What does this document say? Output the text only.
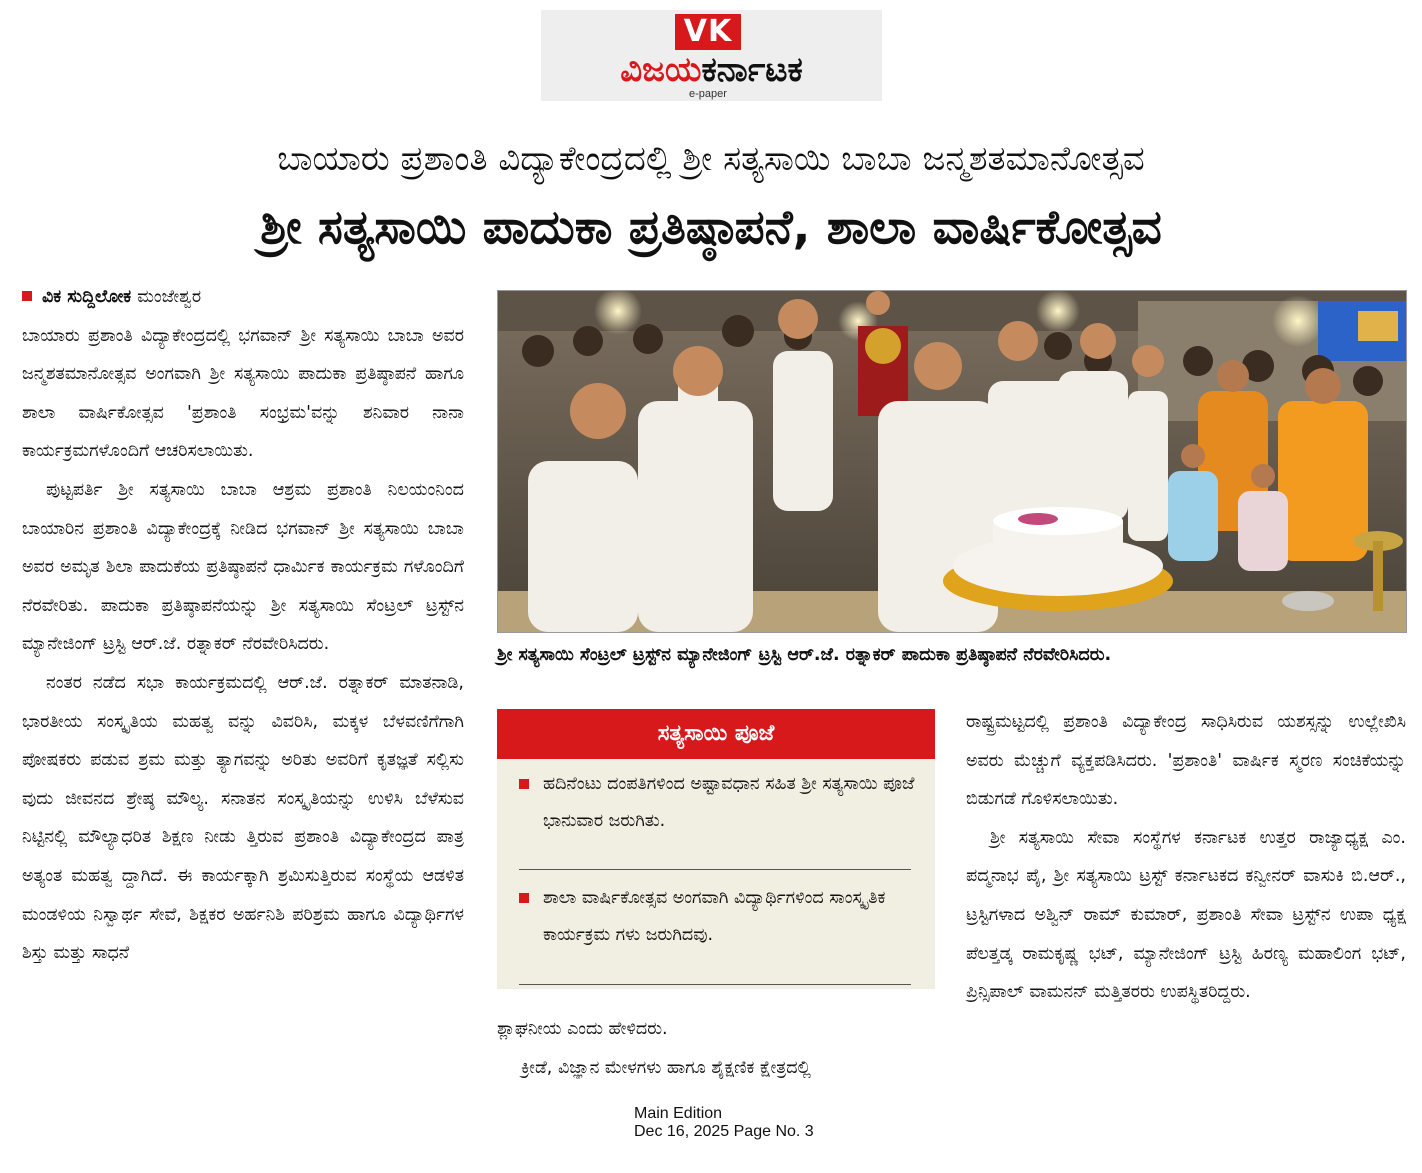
VK
ವಿಜಯಕರ್ನಾಟಕ
e-paper
ಬಾಯಾರು ಪ್ರಶಾಂತಿ ವಿದ್ಯಾಕೇಂದ್ರದಲ್ಲಿ ಶ್ರೀ ಸತ್ಯಸಾಯಿ ಬಾಬಾ ಜನ್ಮಶತಮಾನೋತ್ಸವ
ಶ್ರೀ ಸತ್ಯಸಾಯಿ ಪಾದುಕಾ ಪ್ರತಿಷ್ಠಾಪನೆ, ಶಾಲಾ ವಾರ್ಷಿಕೋತ್ಸವ
ವಿಕ ಸುದ್ದಿಲೋಕ ಮಂಜೇಶ್ವರ

ಬಾಯಾರು ಪ್ರಶಾಂತಿ ವಿದ್ಯಾಕೇಂದ್ರದಲ್ಲಿ ಭಗವಾನ್ ಶ್ರೀ ಸತ್ಯಸಾಯಿ ಬಾಬಾ ಅವರ ಜನ್ಮಶತಮಾನೋತ್ಸವ ಅಂಗವಾಗಿ ಶ್ರೀ ಸತ್ಯಸಾಯಿ ಪಾದುಕಾ ಪ್ರತಿಷ್ಠಾಪನೆ ಹಾಗೂ ಶಾಲಾ ವಾರ್ಷಿಕೋತ್ಸವ 'ಪ್ರಶಾಂತಿ ಸಂಭ್ರಮ'ವನ್ನು ಶನಿವಾರ ನಾನಾ ಕಾರ್ಯಕ್ರಮಗಳೊಂದಿಗೆ ಆಚರಿಸಲಾಯಿತು.

ಪುಟ್ಟಪರ್ತಿ ಶ್ರೀ ಸತ್ಯಸಾಯಿ ಬಾಬಾ ಆಶ್ರಮ ಪ್ರಶಾಂತಿ ನಿಲಯಂನಿಂದ ಬಾಯಾರಿನ ಪ್ರಶಾಂತಿ ವಿದ್ಯಾಕೇಂದ್ರಕ್ಕೆ ನೀಡಿದ ಭಗವಾನ್ ಶ್ರೀ ಸತ್ಯಸಾಯಿ ಬಾಬಾ ಅವರ ಅಮೃತ ಶಿಲಾ ಪಾದುಕೆಯ ಪ್ರತಿಷ್ಠಾಪನೆ ಧಾರ್ಮಿಕ ಕಾರ್ಯಕ್ರಮ ಗಳೊಂದಿಗೆ ನೆರವೇರಿತು. ಪಾದುಕಾ ಪ್ರತಿಷ್ಠಾಪನೆಯನ್ನು ಶ್ರೀ ಸತ್ಯಸಾಯಿ ಸೆಂಟ್ರಲ್ ಟ್ರಸ್ಟ್‌ನ ಮ್ಯಾನೇಜಿಂಗ್ ಟ್ರಸ್ಟಿ ಆರ್.ಜೆ. ರತ್ನಾಕರ್ ನೆರವೇರಿಸಿದರು.

ನಂತರ ನಡೆದ ಸಭಾ ಕಾರ್ಯಕ್ರಮದಲ್ಲಿ ಆರ್.ಜೆ. ರತ್ನಾಕರ್ ಮಾತನಾಡಿ, ಭಾರತೀಯ ಸಂಸ್ಕೃತಿಯ ಮಹತ್ವ ವನ್ನು ವಿವರಿಸಿ, ಮಕ್ಕಳ ಬೆಳವಣಿಗೆಗಾಗಿ ಪೋಷಕರು ಪಡುವ ಶ್ರಮ ಮತ್ತು ತ್ಯಾಗವನ್ನು ಅರಿತು ಅವರಿಗೆ ಕೃತಜ್ಞತೆ ಸಲ್ಲಿಸು ವುದು ಜೀವನದ ಶ್ರೇಷ್ಠ ಮೌಲ್ಯ. ಸನಾತನ ಸಂಸ್ಕೃತಿಯನ್ನು ಉಳಿಸಿ ಬೆಳೆಸುವ ನಿಟ್ಟಿನಲ್ಲಿ ಮೌಲ್ಯಾಧರಿತ ಶಿಕ್ಷಣ ನೀಡು ತ್ತಿರುವ ಪ್ರಶಾಂತಿ ವಿದ್ಯಾಕೇಂದ್ರದ ಪಾತ್ರ ಅತ್ಯಂತ ಮಹತ್ವ ದ್ದಾಗಿದೆ. ಈ ಕಾರ್ಯಕ್ಕಾಗಿ ಶ್ರಮಿಸುತ್ತಿರುವ ಸಂಸ್ಥೆಯ ಆಡಳಿತ ಮಂಡಳಿಯ ನಿಸ್ವಾರ್ಥ ಸೇವೆ, ಶಿಕ್ಷಕರ ಅರ್ಹನಿಶಿ ಪರಿಶ್ರಮ ಹಾಗೂ ವಿದ್ಯಾರ್ಥಿಗಳ ಶಿಸ್ತು ಮತ್ತು ಸಾಧನೆ

ಶ್ರೀ ಸತ್ಯಸಾಯಿ ಸೆಂಟ್ರಲ್ ಟ್ರಸ್ಟ್‌ನ ಮ್ಯಾನೇಜಿಂಗ್ ಟ್ರಸ್ಟಿ ಆರ್.ಜೆ. ರತ್ನಾಕರ್ ಪಾದುಕಾ ಪ್ರತಿಷ್ಠಾಪನೆ ನೆರವೇರಿಸಿದರು.
ಸತ್ಯಸಾಯಿ ಪೂಜೆ
ಹದಿನೆಂಟು ದಂಪತಿಗಳಿಂದ ಅಷ್ಟಾವಧಾನ ಸಹಿತ ಶ್ರೀ ಸತ್ಯಸಾಯಿ ಪೂಜೆ ಭಾನುವಾರ ಜರುಗಿತು.
ಶಾಲಾ ವಾರ್ಷಿಕೋತ್ಸವ ಅಂಗವಾಗಿ ವಿದ್ಯಾರ್ಥಿಗಳಿಂದ ಸಾಂಸ್ಕೃತಿಕ ಕಾರ್ಯಕ್ರಮ ಗಳು ಜರುಗಿದವು.

ಶ್ಲಾಘನೀಯ ಎಂದು ಹೇಳಿದರು.

ಕ್ರೀಡೆ, ವಿಜ್ಞಾನ ಮೇಳಗಳು ಹಾಗೂ ಶೈಕ್ಷಣಿಕ ಕ್ಷೇತ್ರದಲ್ಲಿ

ರಾಷ್ಟ್ರಮಟ್ಟದಲ್ಲಿ ಪ್ರಶಾಂತಿ ವಿದ್ಯಾಕೇಂದ್ರ ಸಾಧಿಸಿರುವ ಯಶಸ್ಸನ್ನು ಉಲ್ಲೇಖಿಸಿ ಅವರು ಮೆಚ್ಚುಗೆ ವ್ಯಕ್ತಪಡಿಸಿದರು. 'ಪ್ರಶಾಂತಿ' ವಾರ್ಷಿಕ ಸ್ಮರಣ ಸಂಚಿಕೆಯನ್ನು ಬಿಡುಗಡೆ ಗೊಳಿಸಲಾಯಿತು.

ಶ್ರೀ ಸತ್ಯಸಾಯಿ ಸೇವಾ ಸಂಸ್ಥೆಗಳ ಕರ್ನಾಟಕ ಉತ್ತರ ರಾಜ್ಯಾಧ್ಯಕ್ಷ ಎಂ. ಪದ್ಮನಾಭ ಪೈ, ಶ್ರೀ ಸತ್ಯಸಾಯಿ ಟ್ರಸ್ಟ್ ಕರ್ನಾಟಕದ ಕನ್ವೀನರ್ ವಾಸುಕಿ ಬಿ.ಆರ್., ಟ್ರಸ್ಟಿಗಳಾದ ಅಶ್ವಿನ್ ರಾಮ್ ಕುಮಾರ್, ಪ್ರಶಾಂತಿ ಸೇವಾ ಟ್ರಸ್ಟ್‌ನ ಉಪಾ ಧ್ಯಕ್ಷ ಪೆಲತ್ತಡ್ಕ ರಾಮಕೃಷ್ಣ ಭಟ್, ಮ್ಯಾನೇಜಿಂಗ್ ಟ್ರಸ್ಟಿ ಹಿರಣ್ಯ ಮಹಾಲಿಂಗ ಭಟ್, ಪ್ರಿನ್ಸಿಪಾಲ್ ವಾಮನನ್ ಮತ್ತಿತರರು ಉಪಸ್ಥಿತರಿದ್ದರು.

Main Edition
Dec 16, 2025 Page No. 3
